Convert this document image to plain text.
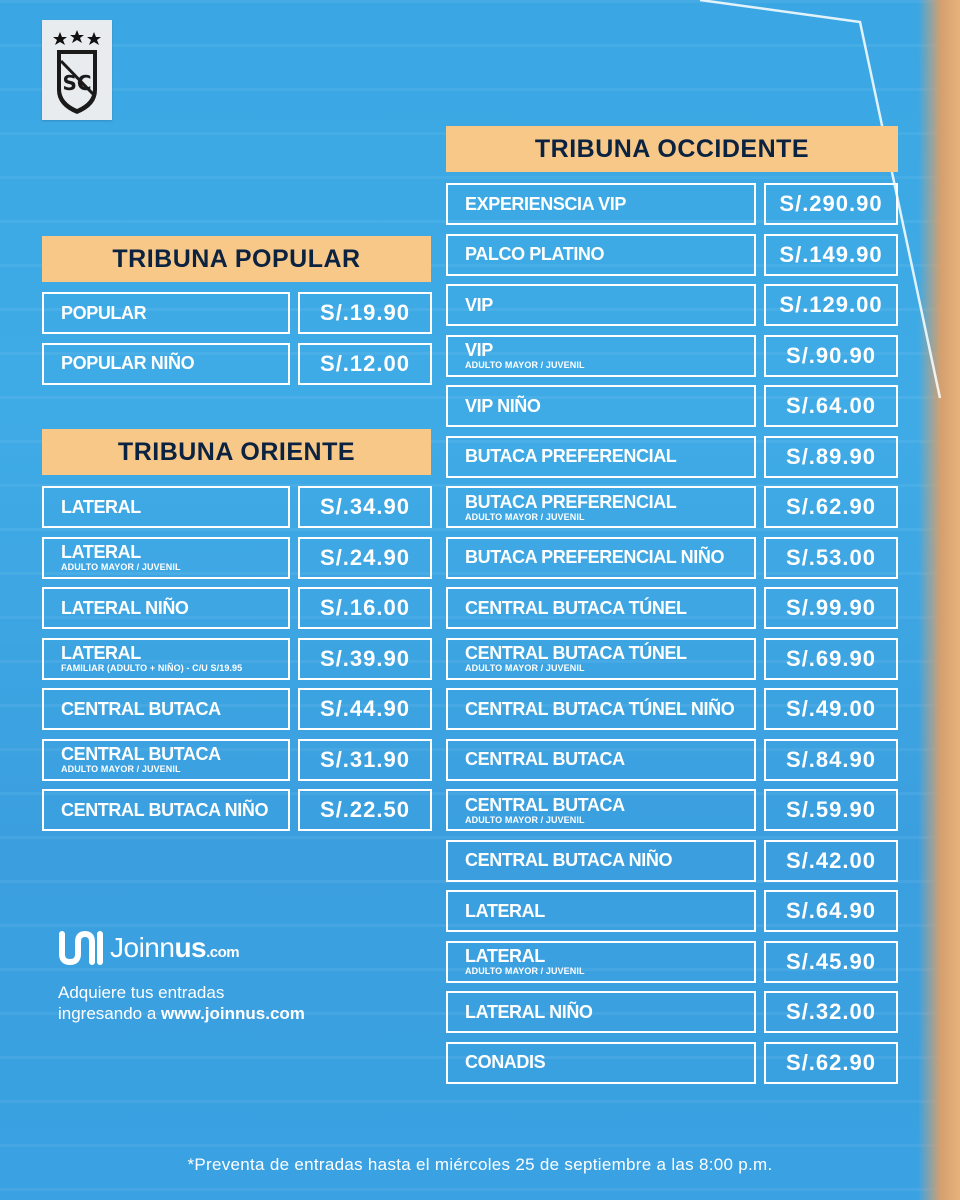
SC
TRIBUNA POPULAR
POPULAR	S/.19.90
POPULAR NIÑO	S/.12.00
TRIBUNA ORIENTE
LATERAL	S/.34.90
LATERAL
ADULTO MAYOR / JUVENIL	S/.24.90
LATERAL NIÑO	S/.16.00
LATERAL
FAMILIAR (ADULTO + NIÑO) - C/U S/19.95	S/.39.90
CENTRAL BUTACA	S/.44.90
CENTRAL BUTACA
ADULTO MAYOR / JUVENIL	S/.31.90
CENTRAL BUTACA NIÑO	S/.22.50
TRIBUNA OCCIDENTE
EXPERIENSCIA VIP	S/.290.90
PALCO PLATINO	S/.149.90
VIP	S/.129.00
VIP
ADULTO MAYOR / JUVENIL	S/.90.90
VIP NIÑO	S/.64.00
BUTACA PREFERENCIAL	S/.89.90
BUTACA PREFERENCIAL
ADULTO MAYOR / JUVENIL	S/.62.90
BUTACA PREFERENCIAL NIÑO	S/.53.00
CENTRAL BUTACA TÚNEL	S/.99.90
CENTRAL BUTACA TÚNEL
ADULTO MAYOR / JUVENIL	S/.69.90
CENTRAL BUTACA TÚNEL NIÑO	S/.49.00
CENTRAL BUTACA	S/.84.90
CENTRAL BUTACA
ADULTO MAYOR / JUVENIL	S/.59.90
CENTRAL BUTACA NIÑO	S/.42.00
LATERAL	S/.64.90
LATERAL
ADULTO MAYOR / JUVENIL	S/.45.90
LATERAL NIÑO	S/.32.00
CONADIS	S/.62.90
Joinnus.com
Adquiere tus entradas
ingresando a www.joinnus.com
*Preventa de entradas hasta el miércoles 25 de septiembre a las 8:00 p.m.
